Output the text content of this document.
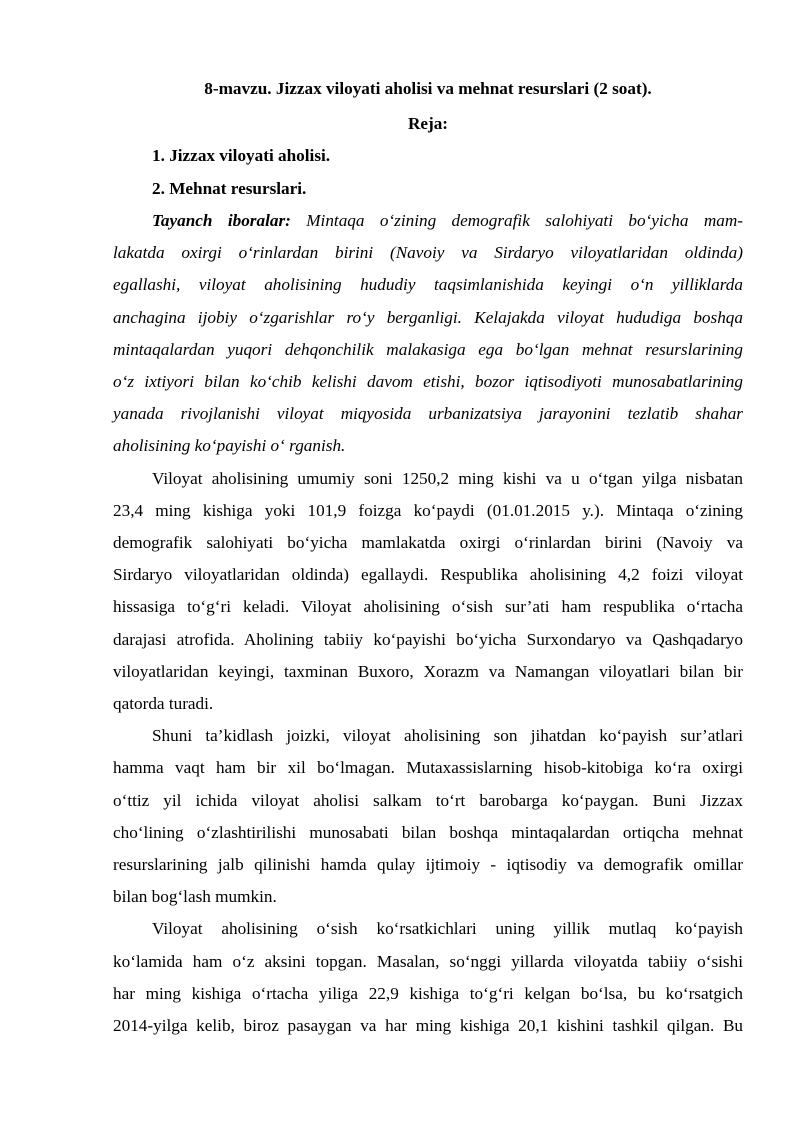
8-mavzu. Jizzax viloyati aholisi va mehnat resurslari (2 soat).
Reja:
1. Jizzax viloyati aholisi.
2. Mehnat resurslari.
Tayanch iboralar: Mintaqa o‘zining demografik salohiyati bo‘yicha mam-
lakatda oxirgi o‘rinlardan birini (Navoiy va Sirdaryo viloyatlaridan oldinda)
egallashi, viloyat aholisining hududiy taqsimlanishida keyingi o‘n yilliklarda
anchagina ijobiy o‘zgarishlar ro‘y berganligi. Kelajakda viloyat hududiga boshqa
mintaqalardan yuqori dehqonchilik malakasiga ega bo‘lgan mehnat resurslarining
o‘z ixtiyori bilan ko‘chib kelishi davom etishi, bozor iqtisodiyoti munosabatlarining
yanada rivojlanishi viloyat miqyosida urbanizatsiya jarayonini tezlatib shahar
aholisining ko‘payishi o‘ rganish.
Viloyat aholisining umumiy soni 1250,2 ming kishi va u o‘tgan yilga nisbatan
23,4 ming kishiga yoki 101,9 foizga ko‘paydi (01.01.2015 y.). Mintaqa o‘zining
demografik salohiyati bo‘yicha mamlakatda oxirgi o‘rinlardan birini (Navoiy va
Sirdaryo viloyatlaridan oldinda) egallaydi. Respublika aholisining 4,2 foizi viloyat
hissasiga to‘g‘ri keladi. Viloyat aholisining o‘sish sur’ati ham respublika o‘rtacha
darajasi atrofida. Aholining tabiiy ko‘payishi bo‘yicha Surxondaryo va Qashqadaryo
viloyatlaridan keyingi, taxminan Buxoro, Xorazm va Namangan viloyatlari bilan bir
qatorda turadi.
Shuni ta’kidlash joizki, viloyat aholisining son jihatdan ko‘payish sur’atlari
hamma vaqt ham bir xil bo‘lmagan. Mutaxassislarning hisob-kitobiga ko‘ra oxirgi
o‘ttiz yil ichida viloyat aholisi salkam to‘rt barobarga ko‘paygan. Buni Jizzax
cho‘lining o‘zlashtirilishi munosabati bilan boshqa mintaqalardan ortiqcha mehnat
resurslarining jalb qilinishi hamda qulay ijtimoiy - iqtisodiy va demografik omillar
bilan bog‘lash mumkin.
Viloyat aholisining o‘sish ko‘rsatkichlari uning yillik mutlaq ko‘payish
ko‘lamida ham o‘z aksini topgan. Masalan, so‘nggi yillarda viloyatda tabiiy o‘sishi
har ming kishiga o‘rtacha yiliga 22,9 kishiga to‘g‘ri kelgan bo‘lsa, bu ko‘rsatgich
2014-yilga kelib, biroz pasaygan va har ming kishiga 20,1 kishini tashkil qilgan. Bu
